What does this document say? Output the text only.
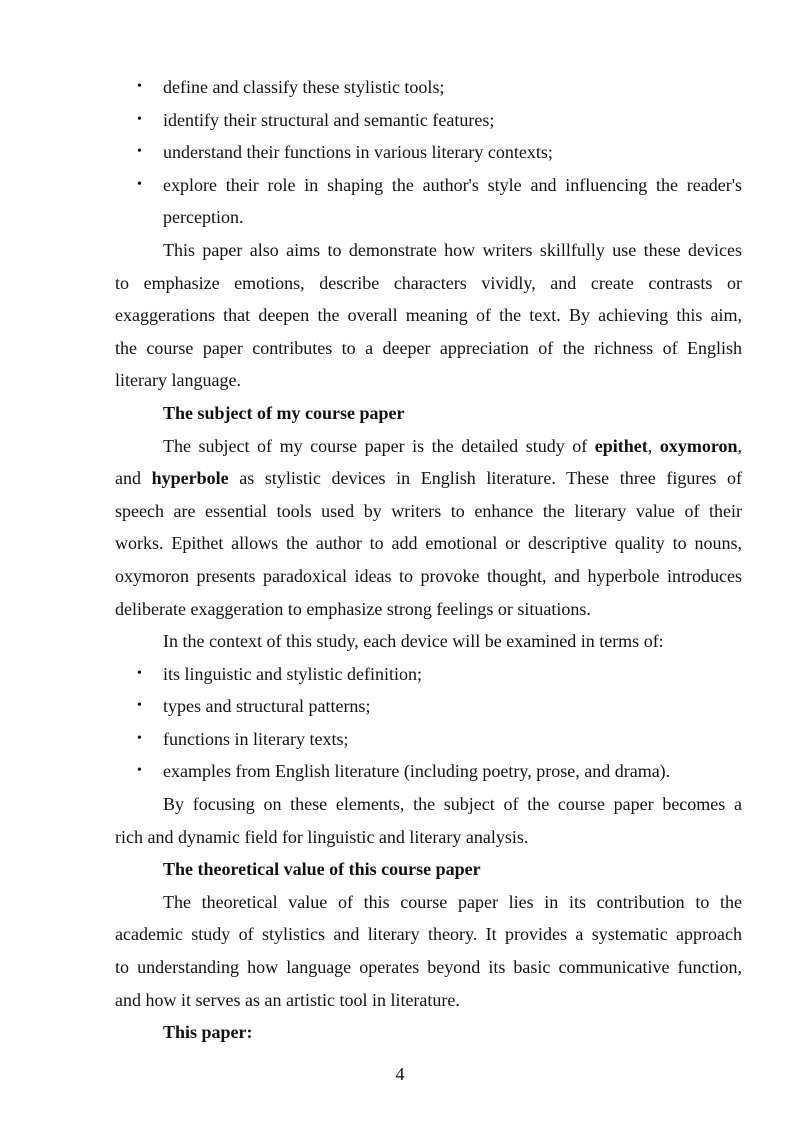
• define and classify these stylistic tools;
• identify their structural and semantic features;
• understand their functions in various literary contexts;
• explore their role in shaping the author's style and influencing the reader's
perception.
This paper also aims to demonstrate how writers skillfully use these devices
to emphasize emotions, describe characters vividly, and create contrasts or
exaggerations that deepen the overall meaning of the text. By achieving this aim,
the course paper contributes to a deeper appreciation of the richness of English
literary language.
The subject of my course paper
The subject of my course paper is the detailed study of epithet, oxymoron,
and hyperbole as stylistic devices in English literature. These three figures of
speech are essential tools used by writers to enhance the literary value of their
works. Epithet allows the author to add emotional or descriptive quality to nouns,
oxymoron presents paradoxical ideas to provoke thought, and hyperbole introduces
deliberate exaggeration to emphasize strong feelings or situations.
In the context of this study, each device will be examined in terms of:
• its linguistic and stylistic definition;
• types and structural patterns;
• functions in literary texts;
• examples from English literature (including poetry, prose, and drama).
By focusing on these elements, the subject of the course paper becomes a
rich and dynamic field for linguistic and literary analysis.
The theoretical value of this course paper
The theoretical value of this course paper lies in its contribution to the
academic study of stylistics and literary theory. It provides a systematic approach
to understanding how language operates beyond its basic communicative function,
and how it serves as an artistic tool in literature.
This paper:
4
